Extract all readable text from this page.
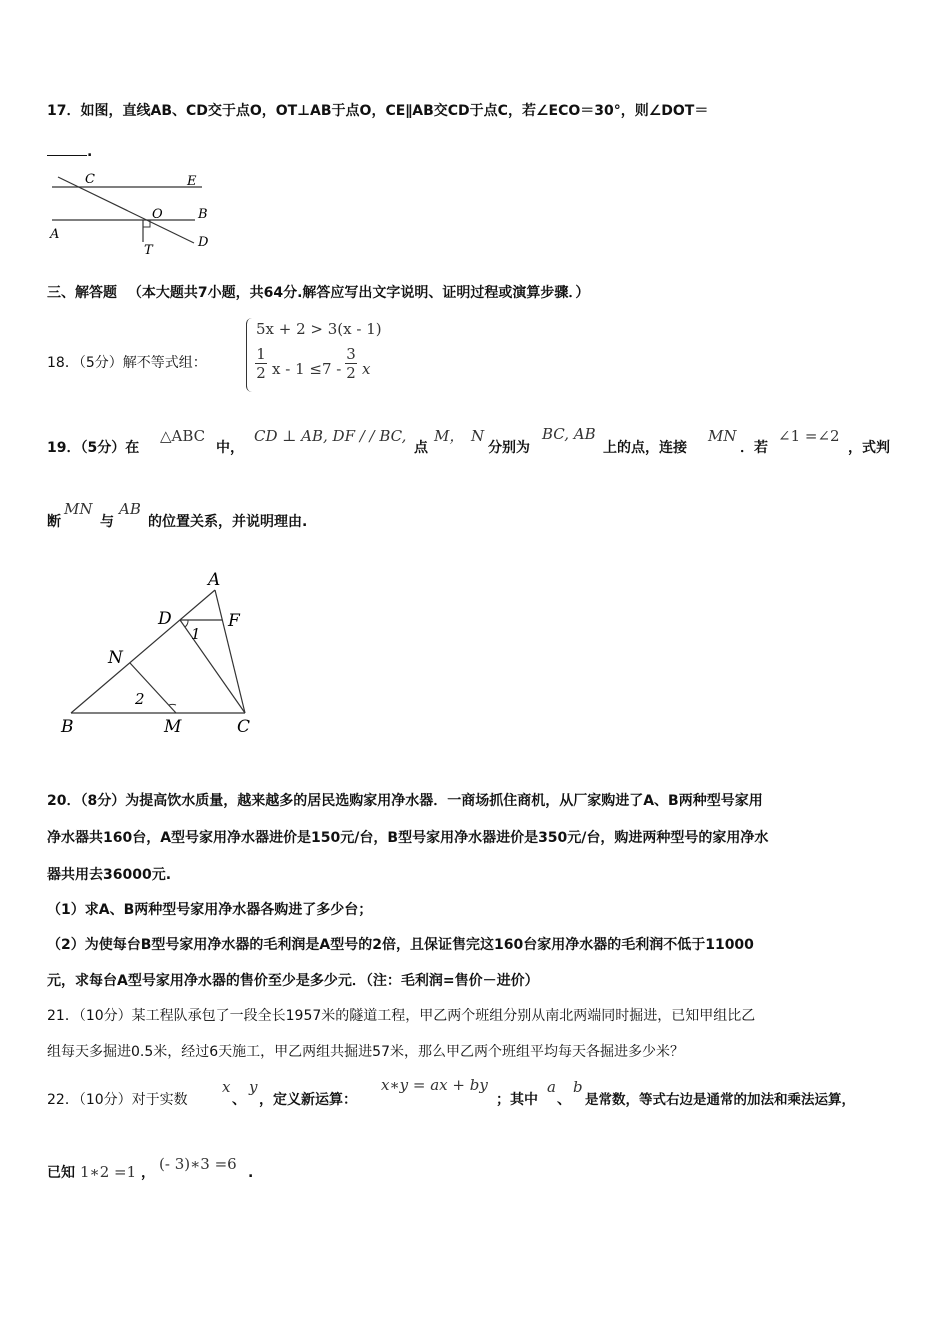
17．如图，直线AB、CD交于点O，OT⊥AB于点O，CE∥AB交CD于点C，若∠ECO＝30°，则∠DOT＝
.
C	E
O	B
A
D
T
三、解答题 （本大题共7小题，共64分.解答应写出文字说明、证明过程或演算步骤．）
18．（5分）解不等式组：
5x + 2 > 3(x - 1)
1
2 x - 1 ≤7 -
3
2 x
19．（5分）在
△ABC
中，
CD ⊥ AB, DF / / BC,
点
M， N
分别为
BC, AB
上的点，连接
MN
．若
∠1 =∠2
，式判
断
MN
与
AB
的位置关系，并说明理由.
A
D	F
N
B	M	C
1
2
20．（8分）为提高饮水质量，越来越多的居民选购家用净水器．一商场抓住商机，从厂家购进了A、B两种型号家用
净水器共160台，A型号家用净水器进价是150元/台，B型号家用净水器进价是350元/台，购进两种型号的家用净水
器共用去36000元.
（1）求A、B两种型号家用净水器各购进了多少台；
（2）为使每台B型号家用净水器的毛利润是A型号的2倍，且保证售完这160台家用净水器的毛利润不低于11000
元，求每台A型号家用净水器的售价至少是多少元．（注：毛利润=售价－进价）
21．（10分）某工程队承包了一段全长1957米的隧道工程，甲乙两个班组分别从南北两端同时掘进，已知甲组比乙
组每天多掘进0.5米，经过6天施工，甲乙两组共掘进57米，那么甲乙两个班组平均每天各掘进多少米？
22．（10分）对于实数
x
、
y
，定义新运算：
x∗y = ax + by
；其中
a
、
b
是常数，等式右边是通常的加法和乘法运算，
已知 1∗2 =1 ， (- 3)∗3 =6 .
